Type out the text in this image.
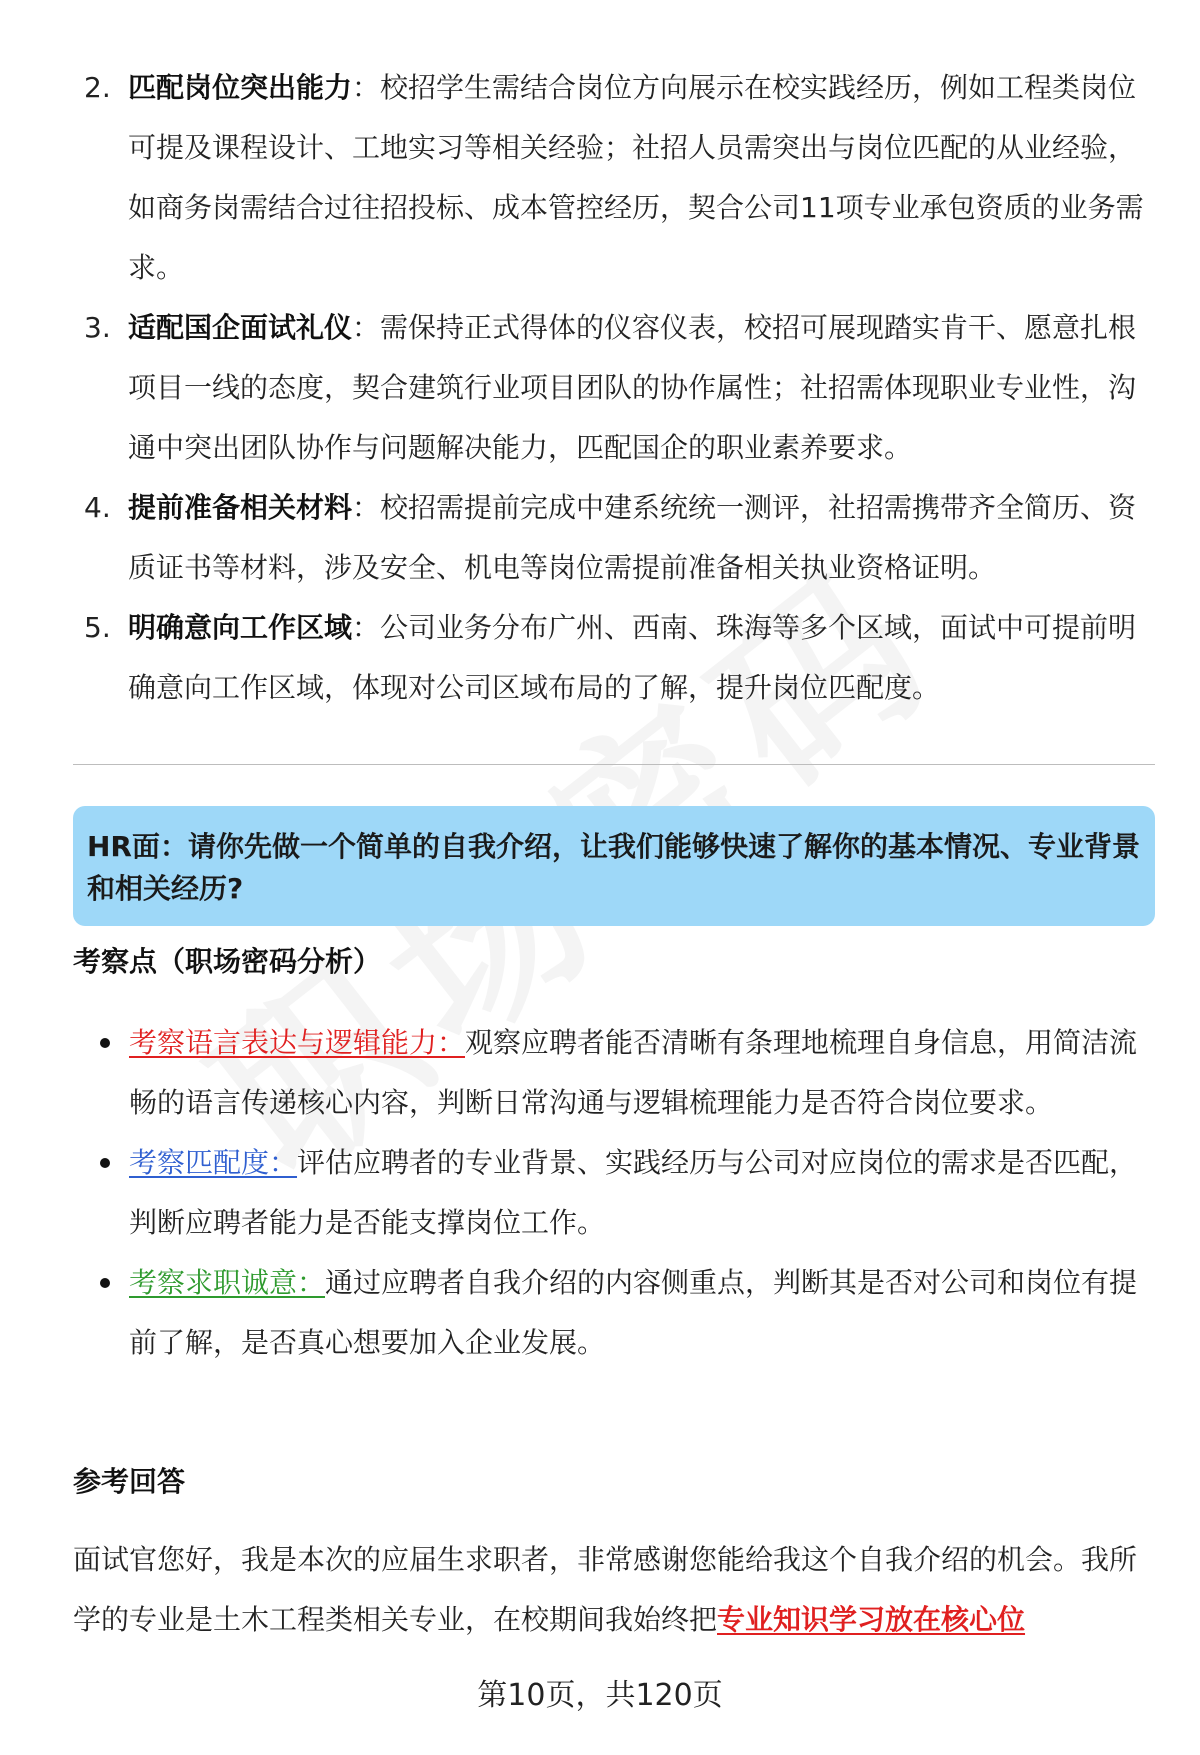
2. 匹配岗位突出能力：校招学生需结合岗位方向展示在校实践经历，例如工程类岗位可提及课程设计、工地实习等相关经验；社招人员需突出与岗位匹配的从业经验，如商务岗需结合过往招投标、成本管控经历，契合公司11项专业承包资质的业务需求。
3. 适配国企面试礼仪：需保持正式得体的仪容仪表，校招可展现踏实肯干、愿意扎根项目一线的态度，契合建筑行业项目团队的协作属性；社招需体现职业专业性，沟通中突出团队协作与问题解决能力，匹配国企的职业素养要求。
4. 提前准备相关材料：校招需提前完成中建系统统一测评，社招需携带齐全简历、资质证书等材料，涉及安全、机电等岗位需提前准备相关执业资格证明。
5. 明确意向工作区域：公司业务分布广州、西南、珠海等多个区域，面试中可提前明确意向工作区域，体现对公司区域布局的了解，提升岗位匹配度。
HR面：请你先做一个简单的自我介绍，让我们能够快速了解你的基本情况、专业背景和相关经历?
考察点（职场密码分析）
考察语言表达与逻辑能力：观察应聘者能否清晰有条理地梳理自身信息，用简洁流畅的语言传递核心内容，判断日常沟通与逻辑梳理能力是否符合岗位要求。
考察匹配度：评估应聘者的专业背景、实践经历与公司对应岗位的需求是否匹配，判断应聘者能力是否能支撑岗位工作。
考察求职诚意：通过应聘者自我介绍的内容侧重点，判断其是否对公司和岗位有提前了解，是否真心想要加入企业发展。
参考回答
面试官您好，我是本次的应届生求职者，非常感谢您能给我这个自我介绍的机会。我所学的专业是土木工程类相关专业，在校期间我始终把专业知识学习放在核心位
第10页，共120页
